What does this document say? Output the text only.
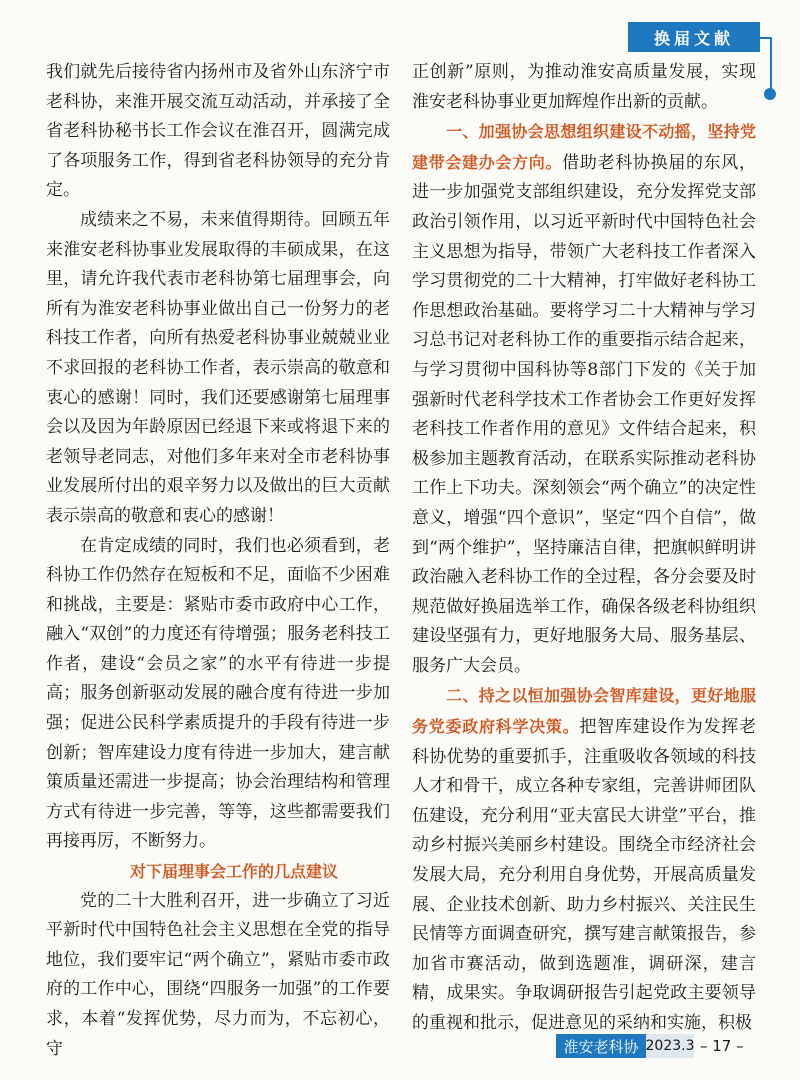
换届文献

我们就先后接待省内扬州市及省外山东济宁市老科协，来淮开展交流互动活动，并承接了全省老科协秘书长工作会议在淮召开，圆满完成了各项服务工作，得到省老科协领导的充分肯定。

成绩来之不易，未来值得期待。回顾五年来淮安老科协事业发展取得的丰硕成果，在这里，请允许我代表市老科协第七届理事会，向所有为淮安老科协事业做出自己一份努力的老科技工作者，向所有热爱老科协事业兢兢业业不求回报的老科协工作者，表示崇高的敬意和衷心的感谢！同时，我们还要感谢第七届理事会以及因为年龄原因已经退下来或将退下来的老领导老同志，对他们多年来对全市老科协事业发展所付出的艰辛努力以及做出的巨大贡献表示崇高的敬意和衷心的感谢！

在肯定成绩的同时，我们也必须看到，老科协工作仍然存在短板和不足，面临不少困难和挑战，主要是：紧贴市委市政府中心工作，融入“双创”的力度还有待增强；服务老科技工作者，建设“会员之家”的水平有待进一步提高；服务创新驱动发展的融合度有待进一步加强；促进公民科学素质提升的手段有待进一步创新；智库建设力度有待进一步加大，建言献策质量还需进一步提高；协会治理结构和管理方式有待进一步完善，等等，这些都需要我们再接再厉，不断努力。

对下届理事会工作的几点建议

党的二十大胜利召开，进一步确立了习近平新时代中国特色社会主义思想在全党的指导地位，我们要牢记“两个确立”，紧贴市委市政府的工作中心，围绕“四服务一加强”的工作要求，本着“发挥优势，尽力而为，不忘初心，守

正创新”原则，为推动淮安高质量发展，实现淮安老科协事业更加辉煌作出新的贡献。

一、加强协会思想组织建设不动摇，坚持党建带会建办会方向。借助老科协换届的东风，进一步加强党支部组织建设，充分发挥党支部政治引领作用，以习近平新时代中国特色社会主义思想为指导，带领广大老科技工作者深入学习贯彻党的二十大精神，打牢做好老科协工作思想政治基础。要将学习二十大精神与学习习总书记对老科协工作的重要指示结合起来，与学习贯彻中国科协等8部门下发的《关于加强新时代老科学技术工作者协会工作更好发挥老科技工作者作用的意见》文件结合起来，积极参加主题教育活动，在联系实际推动老科协工作上下功夫。深刻领会“两个确立”的决定性意义，增强“四个意识”，坚定“四个自信”，做到“两个维护”，坚持廉洁自律，把旗帜鲜明讲政治融入老科协工作的全过程，各分会要及时规范做好换届选举工作，确保各级老科协组织建设坚强有力，更好地服务大局、服务基层、服务广大会员。

二、持之以恒加强协会智库建设，更好地服务党委政府科学决策。把智库建设作为发挥老科协优势的重要抓手，注重吸收各领域的科技人才和骨干，成立各种专家组，完善讲师团队伍建设，充分利用“亚夫富民大讲堂”平台，推动乡村振兴美丽乡村建设。围绕全市经济社会发展大局，充分利用自身优势，开展高质量发展、企业技术创新、助力乡村振兴、关注民生民情等方面调查研究，撰写建言献策报告，参加省市赛活动，做到选题准，调研深，建言精，成果实。争取调研报告引起党政主要领导的重视和批示，促进意见的采纳和实施，积极

淮安老科协 2023.3 – 17 –
